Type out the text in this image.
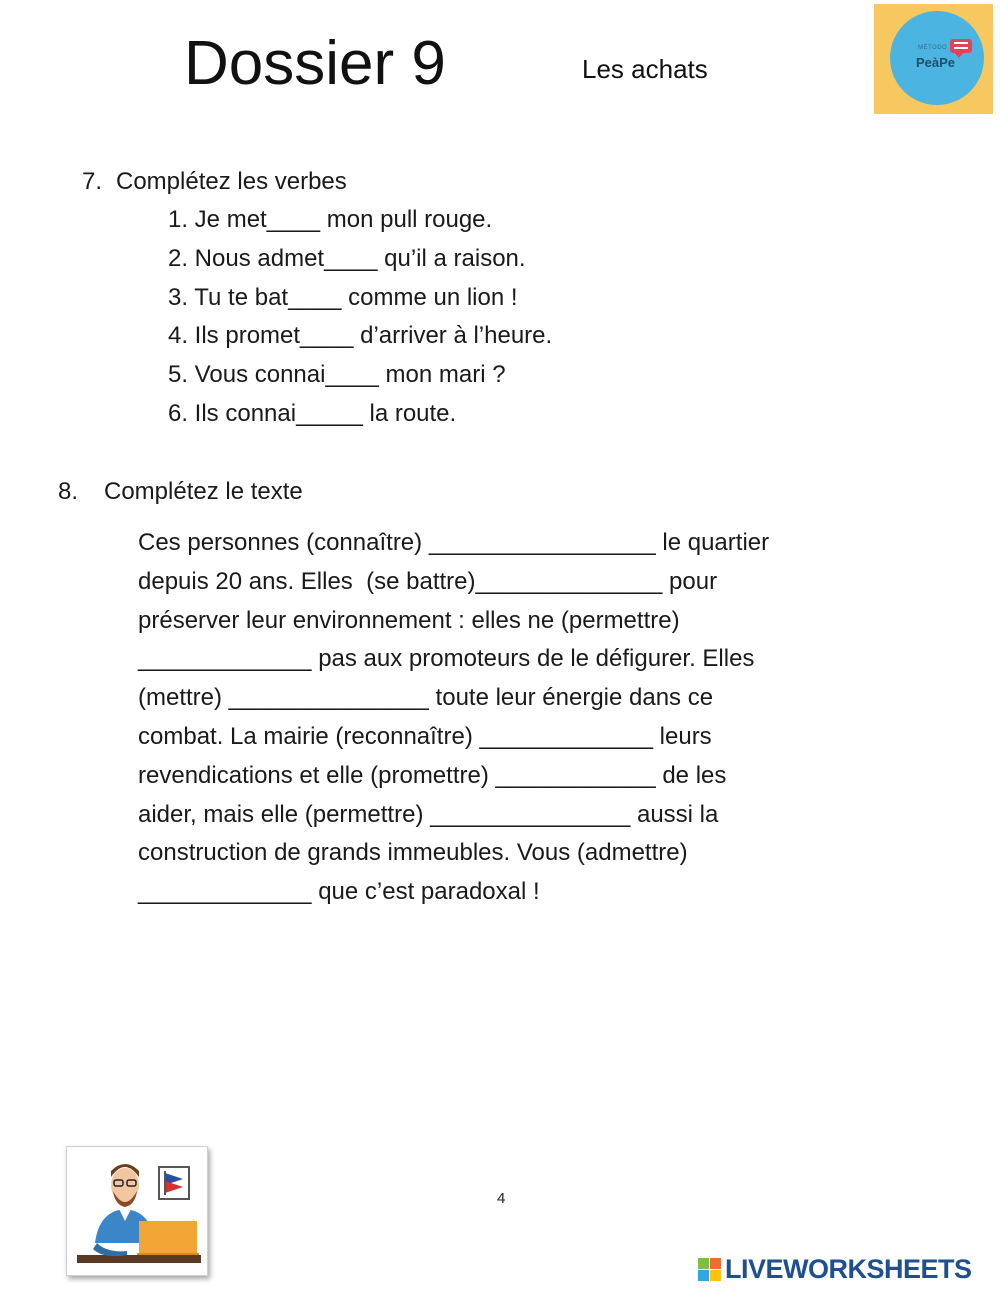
Dossier 9	Les achats
MÉTODO
PeàPe
7. Complétez les verbes
1. Je met____ mon pull rouge.
2. Nous admet____ qu’il a raison.
3. Tu te bat____ comme un lion !
4. Ils promet____ d’arriver à l’heure.
5. Vous connai____ mon mari ?
6. Ils connai_____ la route.
8. Complétez le texte
Ces personnes (connaître) _________________ le quartier
depuis 20 ans. Elles  (se battre)______________ pour
préserver leur environnement : elles ne (permettre)
_____________ pas aux promoteurs de le défigurer. Elles
(mettre) _______________ toute leur énergie dans ce
combat. La mairie (reconnaître) _____________ leurs
revendications et elle (promettre) ____________ de les
aider, mais elle (permettre) _______________ aussi la
construction de grands immeubles. Vous (admettre)
_____________ que c’est paradoxal !
4
LIVEWORKSHEETS
